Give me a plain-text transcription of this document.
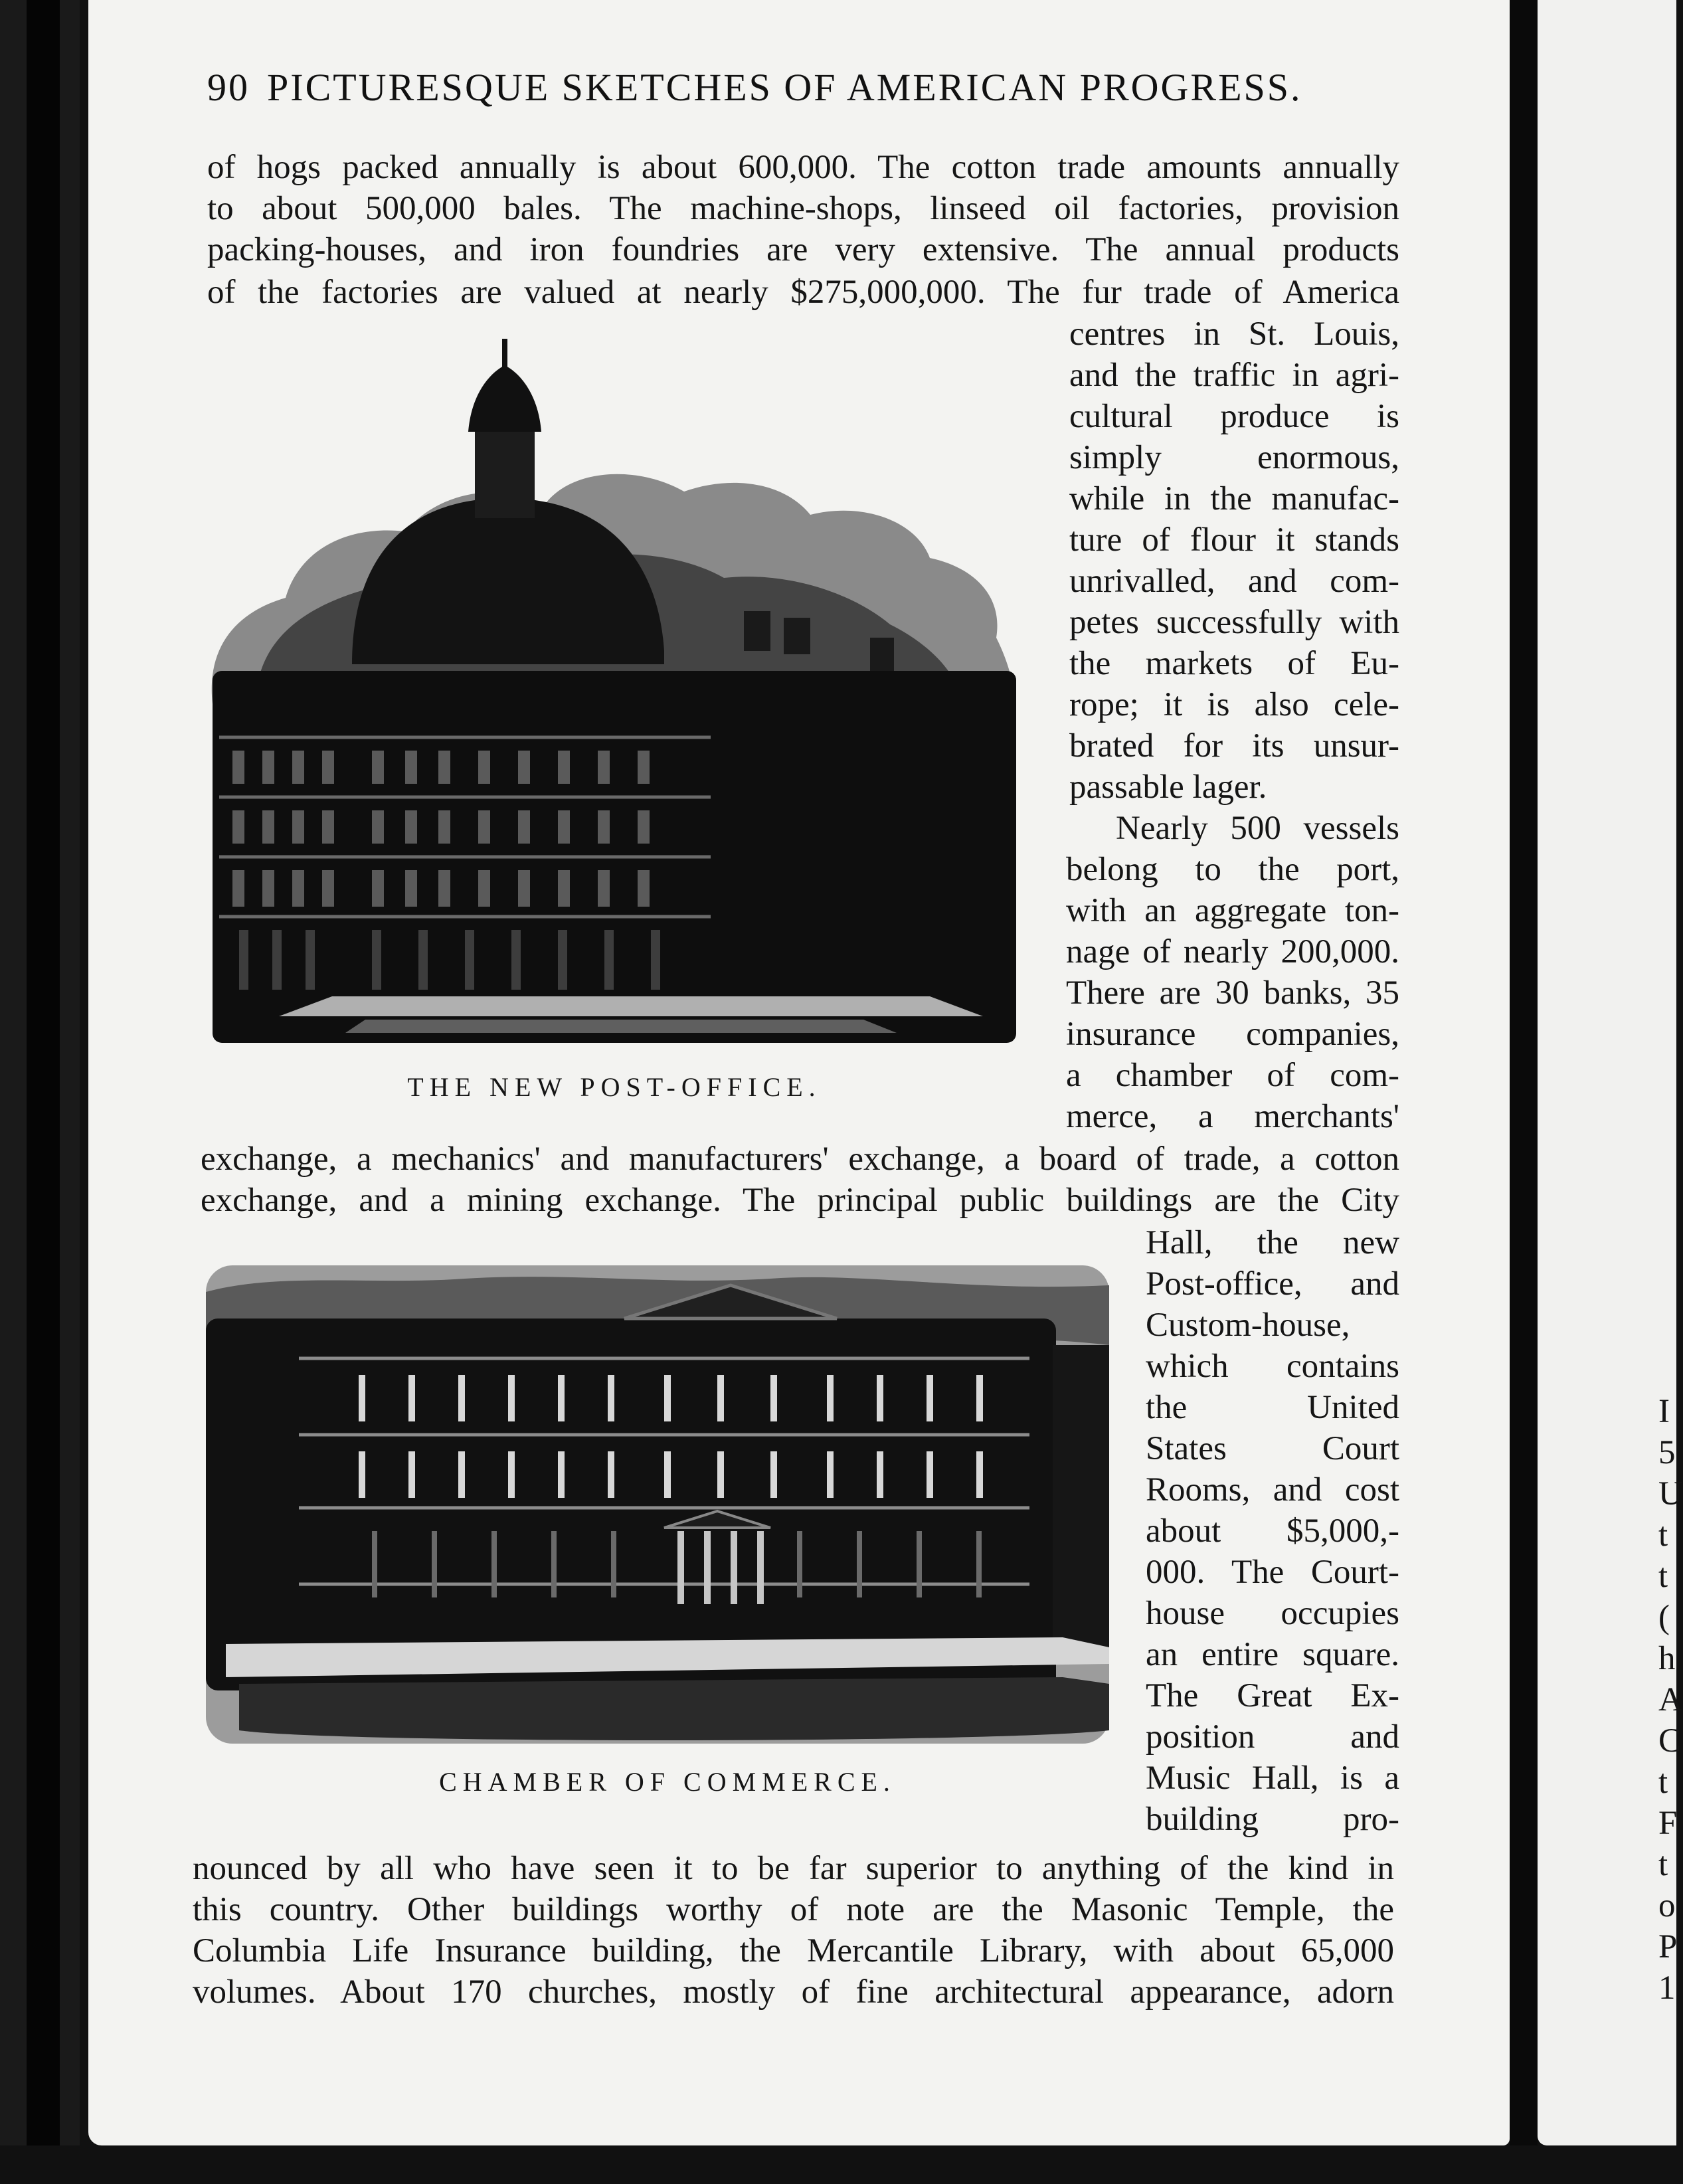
90 PICTURESQUE SKETCHES OF AMERICAN PROGRESS.

of hogs packed annually is about 600,000. The cotton trade amounts annually

to about 500,000 bales. The machine-shops, linseed oil factories, provision

packing-houses, and iron foundries are very extensive. The annual products

of the factories are valued at nearly $275,000,000. The fur trade of America

centres in St. Louis,

and the traffic in agri-

cultural produce is

simply enormous,

while in the manufac-

ture of flour it stands

unrivalled, and com-

petes successfully with

the markets of Eu-

rope; it is also cele-

brated for its unsur-

passable lager.

Nearly 500 vessels

belong to the port,

with an aggregate ton-

nage of nearly 200,000.

There are 30 banks, 35

insurance companies,

a chamber of com-

merce, a merchants'

exchange, a mechanics' and manufacturers' exchange, a board of trade, a cotton

exchange, and a mining exchange. The principal public buildings are the City

Hall, the new

Post-office, and

Custom-house,

which contains

the United

States Court

Rooms, and cost

about $5,000,-

000. The Court-

house occupies

an entire square.

The Great Ex-

position and

Music Hall, is a

building pro-

nounced by all who have seen it to be far superior to anything of the kind in

this country. Other buildings worthy of note are the Masonic Temple, the

Columbia Life Insurance building, the Mercantile Library, with about 65,000

volumes. About 170 churches, mostly of fine architectural appearance, adorn

THE NEW POST-OFFICE.

CHAMBER OF COMMERCE.

I

5

U

t

t

(

h

A

C

t

F

t

o

P

1
